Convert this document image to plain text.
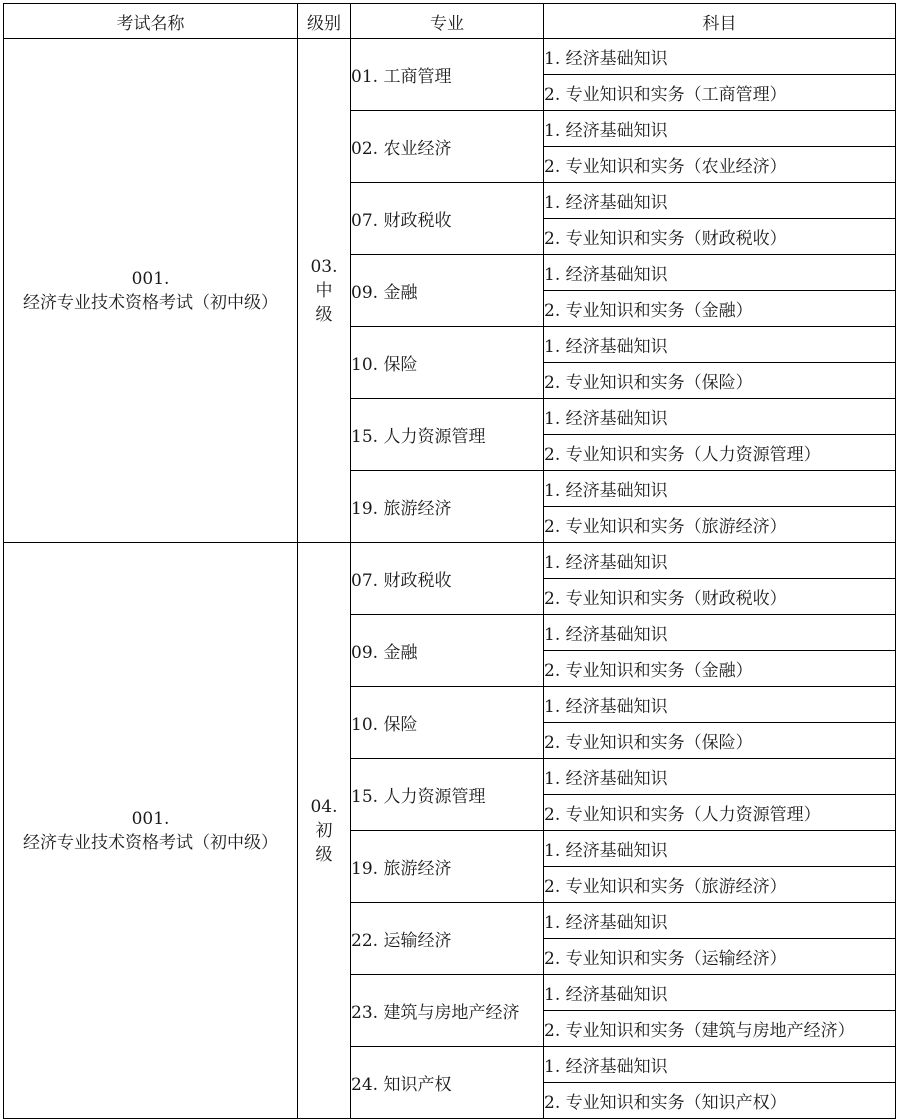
考试名称	级别	专业	科目

001.
经济专业技术资格考试（初中级）	03.
中
级	01. 工商管理	1. 经济基础知识
			2. 专业知识和实务（工商管理）
		02. 农业经济	1. 经济基础知识
			2. 专业知识和实务（农业经济）
		07. 财政税收	1. 经济基础知识
			2. 专业知识和实务（财政税收）
		09. 金融	1. 经济基础知识
			2. 专业知识和实务（金融）
		10. 保险	1. 经济基础知识
			2. 专业知识和实务（保险）
		15. 人力资源管理	1. 经济基础知识
			2. 专业知识和实务（人力资源管理）
		19. 旅游经济	1. 经济基础知识
			2. 专业知识和实务（旅游经济）

001.
经济专业技术资格考试（初中级）	04.
初
级	07. 财政税收	1. 经济基础知识
			2. 专业知识和实务（财政税收）
		09. 金融	1. 经济基础知识
			2. 专业知识和实务（金融）
		10. 保险	1. 经济基础知识
			2. 专业知识和实务（保险）
		15. 人力资源管理	1. 经济基础知识
			2. 专业知识和实务（人力资源管理）
		19. 旅游经济	1. 经济基础知识
			2. 专业知识和实务（旅游经济）
		22. 运输经济	1. 经济基础知识
			2. 专业知识和实务（运输经济）
		23. 建筑与房地产经济	1. 经济基础知识
			2. 专业知识和实务（建筑与房地产经济）
		24. 知识产权	1. 经济基础知识
			2. 专业知识和实务（知识产权）
